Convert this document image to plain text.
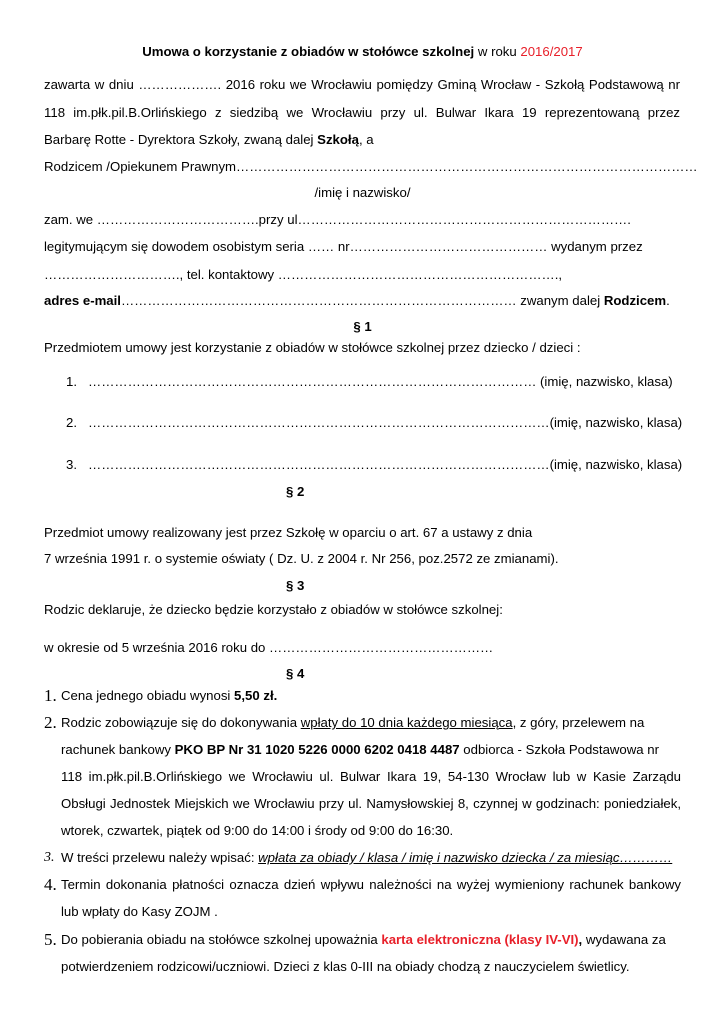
Umowa o korzystanie z obiadów w stołówce szkolnej w roku 2016/2017
zawarta w dniu ………………. 2016 roku we Wrocławiu pomiędzy Gminą Wrocław - Szkołą Podstawową nr
118 im.płk.pil.B.Orlińskiego z siedzibą we Wrocławiu przy ul. Bulwar Ikara 19 reprezentowaną przez
Barbarę Rotte - Dyrektora Szkoły, zwaną dalej Szkołą, a
Rodzicem /Opiekunem Prawnym……………………………………………………………………………………………
/imię i nazwisko/
zam. we ……………………………….przy ul………………………………………………………………….
legitymującym się dowodem osobistym seria …… nr……………………………………… wydanym przez
…………………………., tel. kontaktowy ……………………………………………………….,
adres e-mail……………………………………………………………………………… zwanym dalej Rodzicem.
§ 1
Przedmiotem umowy jest korzystanie z obiadów w stołówce szkolnej przez dziecko / dzieci :
1. ………………………………………………………………………………………… (imię, nazwisko, klasa)
2. ……………………………………………………………………………………………(imię, nazwisko, klasa)
3. ……………………………………………………………………………………………(imię, nazwisko, klasa)
§ 2
Przedmiot umowy realizowany jest przez Szkołę w oparciu o art. 67 a ustawy z dnia
7 września 1991 r. o systemie oświaty ( Dz. U. z 2004 r. Nr 256, poz.2572 ze zmianami).
§ 3
Rodzic deklaruje, że dziecko będzie korzystało z obiadów w stołówce szkolnej:
w okresie od 5 września 2016 roku do ……………………………………………
§ 4
1. Cena jednego obiadu wynosi 5,50 zł.
2. Rodzic zobowiązuje się do dokonywania wpłaty do 10 dnia każdego miesiąca, z góry, przelewem na
rachunek bankowy PKO BP Nr 31 1020 5226 0000 6202 0418 4487 odbiorca - Szkoła Podstawowa nr
118 im.płk.pil.B.Orlińskiego we Wrocławiu ul. Bulwar Ikara 19, 54-130 Wrocław lub w Kasie Zarządu
Obsługi Jednostek Miejskich we Wrocławiu przy ul. Namysłowskiej 8, czynnej w godzinach: poniedziałek,
wtorek, czwartek, piątek od 9:00 do 14:00 i środy od 9:00 do 16:30.
3. W treści przelewu należy wpisać: wpłata za obiady / klasa / imię i nazwisko dziecka / za miesiąc…………
4. Termin dokonania płatności oznacza dzień wpływu należności na wyżej wymieniony rachunek bankowy
lub wpłaty do Kasy ZOJM .
5. Do pobierania obiadu na stołówce szkolnej upoważnia karta elektroniczna (klasy IV-VI), wydawana za
potwierdzeniem rodzicowi/uczniowi. Dzieci z klas 0-III na obiady chodzą z nauczycielem świetlicy.
